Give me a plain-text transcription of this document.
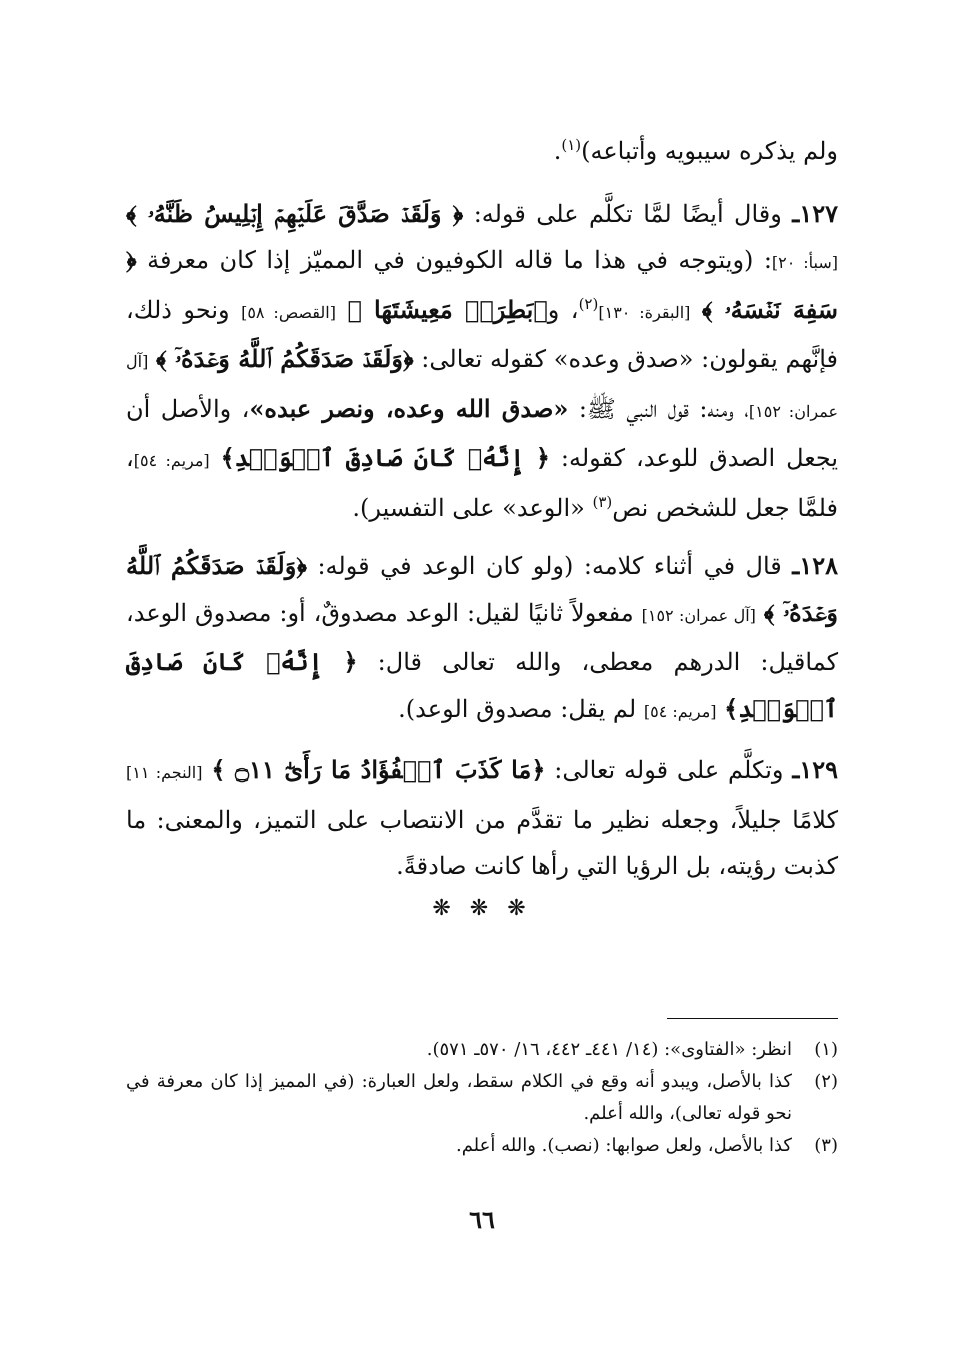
ولم يذكره سيبويه وأتباعه)$^{(١)}$.

١٢٧ـ وقال أيضًا لمَّا تكلَّم على قوله: ﴿ وَلَقَدۡ صَدَّقَ عَلَيۡهِمۡ إِبۡلِيسُ ظَنَّهُۥ ﴾ [سبأ: ٢٠]: (ويتوجه في هذا ما قاله الكوفيون في المميّز إذا كان معرفة ﴿ سَفِهَ نَفۡسَهُۥ ﴾ [البقرة: ١٣٠]$^{(٢)}$، و﴿بَطِرَتۡ مَعِيشَتَهَا ﴾ [القصص: ٥٨] ونحو ذلك، فإنَّهم يقولون: «صدق وعده» كقوله تعالى: ﴿وَلَقَدۡ صَدَقَكُمُ ٱللَّهُ وَعۡدَهُۥٓ ﴾ [آل عمران: ١٥٢]، ومنه: قول النبي ﷺ: «صدق الله وعده، ونصر عبده»، والأصل أن يجعل الصدق للوعد، كقوله: ﴿ إِنَّهُۥ كَانَ صَادِقَ ٱلۡوَعۡدِ﴾ [مريم: ٥٤]، فلمَّا جعل للشخص نص$^{(٣)}$ «الوعد» على التفسير).

١٢٨ـ قال في أثناء كلامه: (ولو كان الوعد في قوله: ﴿وَلَقَدۡ صَدَقَكُمُ ٱللَّهُ وَعۡدَهُۥٓ ﴾ [آل عمران: ١٥٢] مفعولاً ثانيًا لقيل: الوعد مصدوقٌ، أو: مصدوق الوعد، كماقيل: الدرهم معطى، والله تعالى قال: ﴿ إِنَّهُۥ كَانَ صَادِقَ ٱلۡوَعۡدِ﴾ [مريم: ٥٤] لم يقل: مصدوق الوعد).

١٢٩ـ وتكلَّم على قوله تعالى: ﴿مَا كَذَبَ ٱلۡفُؤَادُ مَا رَأَىٰٓ ۝١١ ﴾ [النجم: ١١] كلامًا جليلاً، وجعله نظير ما تقدَّم من الانتصاب على التميز، والمعنى: ما كذبت رؤيته، بل الرؤيا التي رأها كانت صادقةً.

❋ ❋ ❋
(١)
انظر: «الفتاوى»: (١٤/ ٤٤١ـ ٤٤٢، ١٦/ ٥٧٠ـ ٥٧١).
(٢)
كذا بالأصل، ويبدو أنه وقع في الكلام سقط، ولعل العبارة: (في المميز إذا كان معرفة في نحو قوله تعالى)، والله أعلم.
(٣)
كذا بالأصل، ولعل صوابها: (نصب). والله أعلم.
٦٦
